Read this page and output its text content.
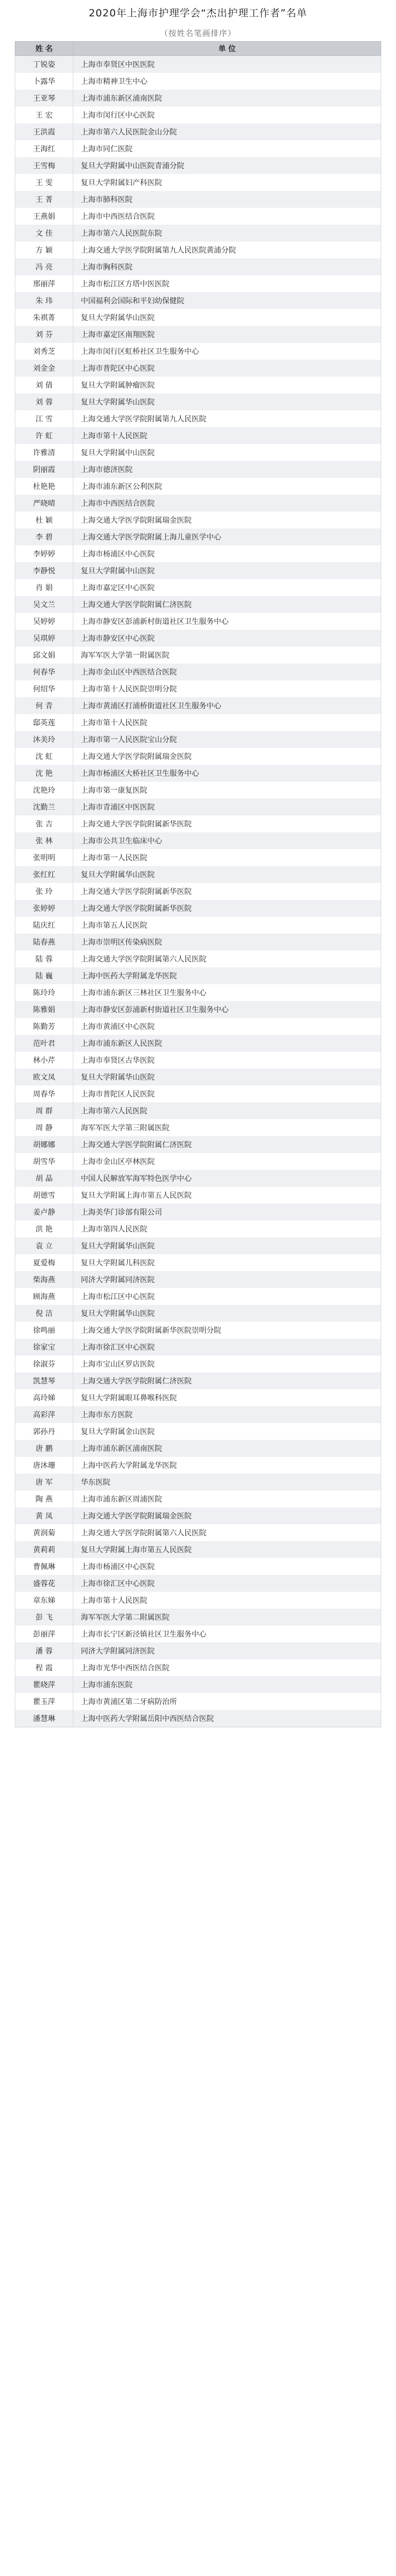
2020年上海市护理学会“杰出护理工作者”名单
（按姓名笔画排序）
姓 名	单 位
丁锐姿	上海市奉贤区中医医院
卜露华	上海市精神卫生中心
王亚琴	上海市浦东新区浦南医院
王 宏	上海市闵行区中心医院
王洪霞	上海市第六人民医院金山分院
王海红	上海市同仁医院
王雪梅	复旦大学附属中山医院青浦分院
王 雯	复旦大学附属妇产科医院
王 菁	上海市肺科医院
王燕娟	上海市中西医结合医院
文 佳	上海市第六人民医院东院
方 颖	上海交通大学医学院附属第九人民医院黄浦分院
冯 亮	上海市胸科医院
邢丽萍	上海市松江区方塔中医医院
朱 玮	中国福利会国际和平妇幼保健院
朱祺菁	复旦大学附属华山医院
刘 芬	上海市嘉定区南翔医院
刘秀芝	上海市闵行区虹桥社区卫生服务中心
刘金金	上海市普陀区中心医院
刘 倩	复旦大学附属肿瘤医院
刘 蓉	复旦大学附属华山医院
江 雪	上海交通大学医学院附属第九人民医院
许 虹	上海市第十人民医院
许雅清	复旦大学附属中山医院
阴丽霞	上海市德济医院
杜艳艳	上海市浦东新区公利医院
严晓晴	上海市中西医结合医院
杜 颖	上海交通大学医学院附属瑞金医院
李 碧	上海交通大学医学院附属上海儿童医学中心
李婷婷	上海市杨浦区中心医院
李静悦	复旦大学附属中山医院
肖 娟	上海市嘉定区中心医院
吴文兰	上海交通大学医学院附属仁济医院
吴婷婷	上海市静安区彭浦新村街道社区卫生服务中心
吴琪婷	上海市静安区中心医院
邱文娟	海军军医大学第一附属医院
何春华	上海市金山区中西医结合医院
何绍华	上海市第十人民医院崇明分院
何 青	上海市黄浦区打浦桥街道社区卫生服务中心
邸英莲	上海市第十人民医院
沐美玲	上海市第一人民医院宝山分院
沈 虹	上海交通大学医学院附属瑞金医院
沈 艳	上海市杨浦区大桥社区卫生服务中心
沈艳玲	上海市第一康复医院
沈勤兰	上海市青浦区中医医院
张 吉	上海交通大学医学院附属新华医院
张 林	上海市公共卫生临床中心
张明明	上海市第一人民医院
张红红	复旦大学附属华山医院
张 玲	上海交通大学医学院附属新华医院
张婷婷	上海交通大学医学院附属新华医院
陆庆红	上海市第五人民医院
陆春燕	上海市崇明区传染病医院
陆 蓉	上海交通大学医学院附属第六人民医院
陆 巍	上海中医药大学附属龙华医院
陈玲玲	上海市浦东新区三林社区卫生服务中心
陈雅娟	上海市静安区彭浦新村街道社区卫生服务中心
陈勤芳	上海市黄浦区中心医院
范叶君	上海市浦东新区人民医院
林小芹	上海市奉贤区古华医院
欧文凤	复旦大学附属华山医院
周春华	上海市普陀区人民医院
周 群	上海市第六人民医院
周 静	海军军医大学第三附属医院
胡娜娜	上海交通大学医学院附属仁济医院
胡雪华	上海市金山区亭林医院
胡 晶	中国人民解放军海军特色医学中心
胡德雪	复旦大学附属上海市第五人民医院
姜卢静	上海美华门诊部有限公司
洪 艳	上海市第四人民医院
袁 立	复旦大学附属华山医院
夏爱梅	复旦大学附属儿科医院
柴海燕	同济大学附属同济医院
顾海燕	上海市松江区中心医院
倪 洁	复旦大学附属华山医院
徐鸣丽	上海交通大学医学院附属新华医院崇明分院
徐家宝	上海市徐汇区中心医院
徐淑芬	上海市宝山区罗店医院
凯慧琴	上海交通大学医学院附属仁济医院
高玲娣	复旦大学附属眼耳鼻喉科医院
高彩萍	上海市东方医院
郭孙丹	复旦大学附属金山医院
唐 鹏	上海市浦东新区浦南医院
唐沐珊	上海中医药大学附属龙华医院
唐 军	华东医院
陶 燕	上海市浦东新区周浦医院
黄 凤	上海交通大学医学院附属瑞金医院
黄润菊	上海交通大学医学院附属第六人民医院
黄莉莉	复旦大学附属上海市第五人民医院
曹佩琳	上海市杨浦区中心医院
盛蓉花	上海市徐汇区中心医院
章东娣	上海市第十人民医院
彭 飞	海军军医大学第二附属医院
彭丽萍	上海市长宁区新泾镇社区卫生服务中心
潘 蓉	同济大学附属同济医院
程 霞	上海市光华中西医结合医院
瞿晓萍	上海市浦东医院
瞿玉萍	上海市黄浦区第二牙病防治所
潘慧琳	上海中医药大学附属岳阳中西医结合医院
